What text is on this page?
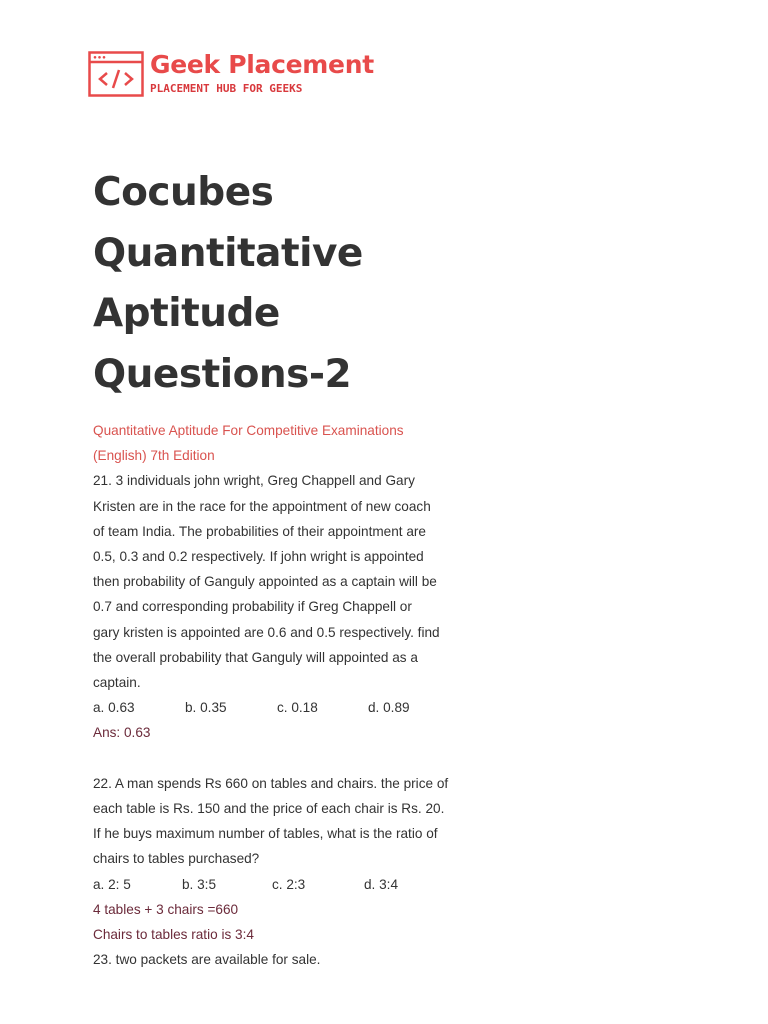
Geek Placement
PLACEMENT HUB FOR GEEKS
Cocubes
Quantitative
Aptitude
Questions-2
Quantitative Aptitude For Competitive Examinations
(English) 7th Edition
21. 3 individuals john wright, Greg Chappell and Gary
Kristen are in the race for the appointment of new coach
of team India. The probabilities of their appointment are
0.5, 0.3 and 0.2 respectively. If john wright is appointed
then probability of Ganguly appointed as a captain will be
0.7 and corresponding probability if Greg Chappell or
gary kristen is appointed are 0.6 and 0.5 respectively. find
the overall probability that Ganguly will appointed as a
captain.
a. 0.63	b. 0.35	c. 0.18	d. 0.89
Ans: 0.63
22. A man spends Rs 660 on tables and chairs. the price of
each table is Rs. 150 and the price of each chair is Rs. 20.
If he buys maximum number of tables, what is the ratio of
chairs to tables purchased?
a. 2: 5	b. 3:5	c. 2:3	d. 3:4
4 tables + 3 chairs =660
Chairs to tables ratio is 3:4
23. two packets are available for sale.
